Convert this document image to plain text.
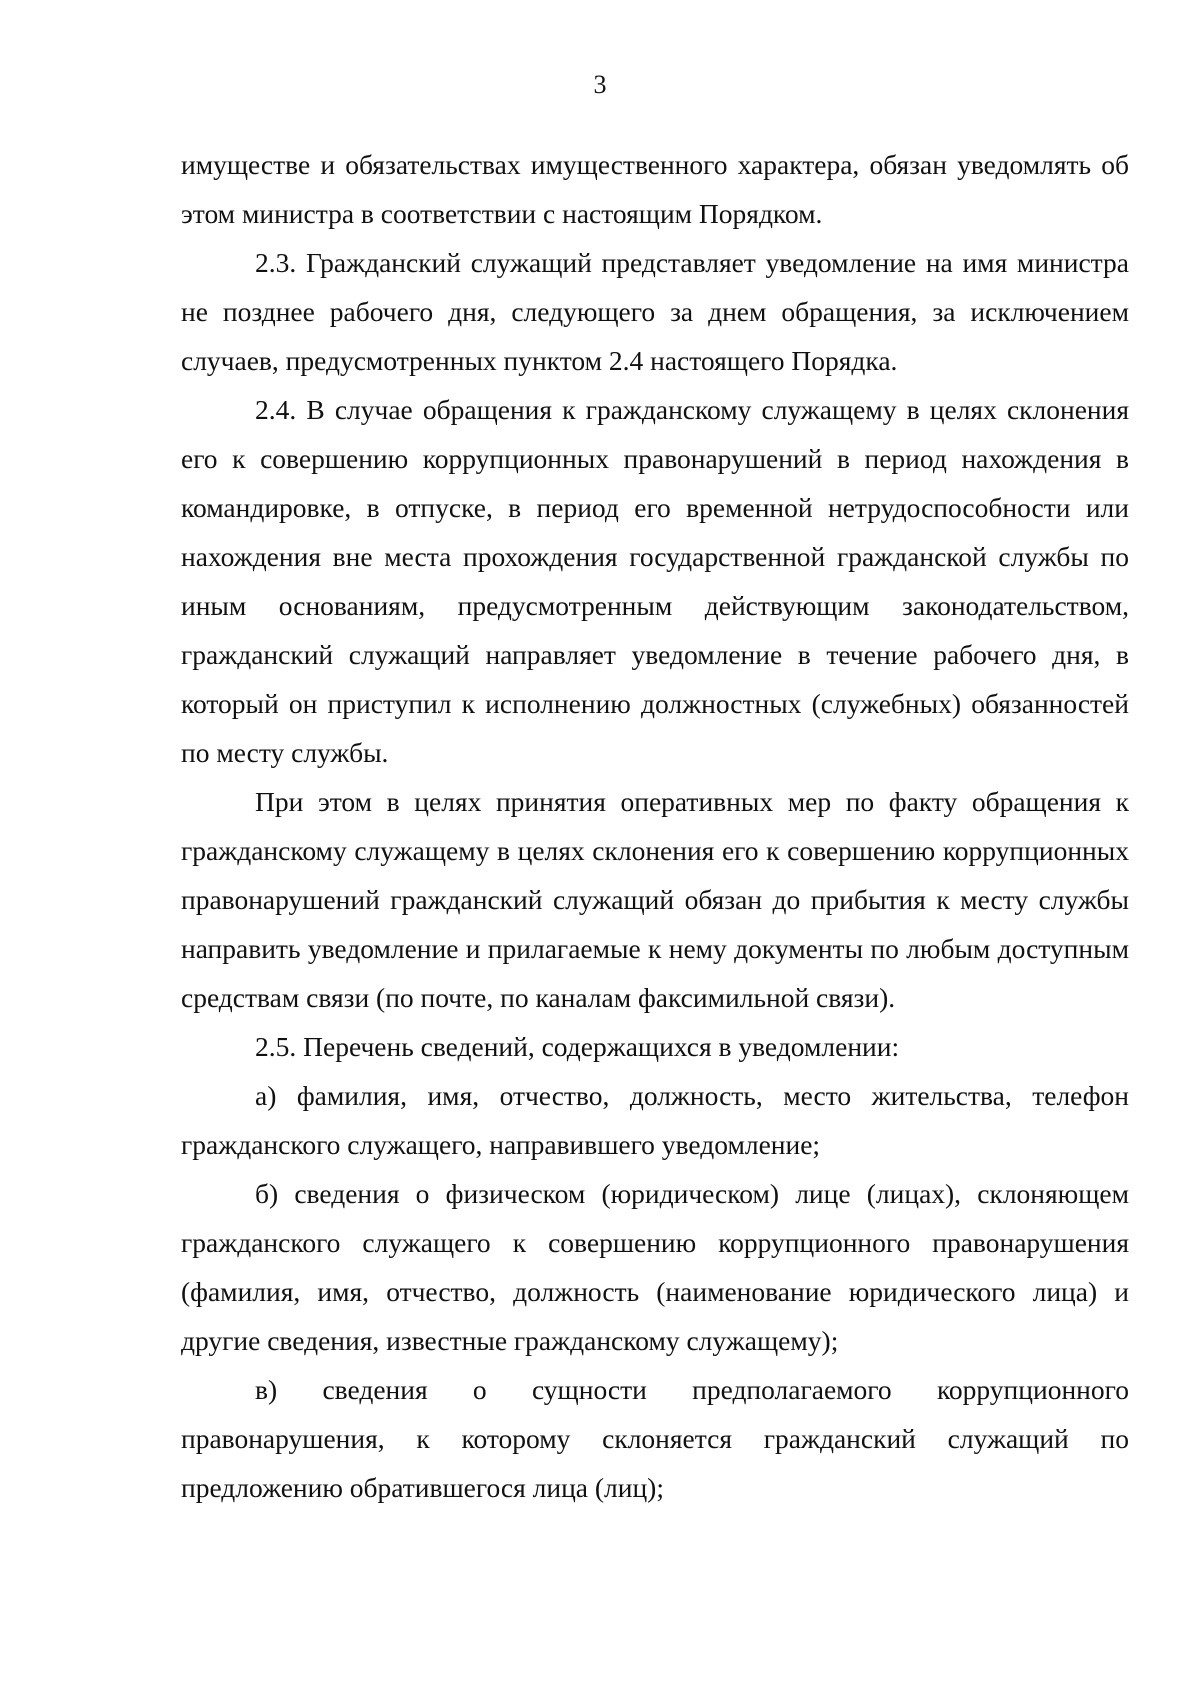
3

имуществе и обязательствах имущественного характера, обязан уведомлять об этом министра в соответствии с настоящим Порядком.

2.3. Гражданский служащий представляет уведомление на имя министра не позднее рабочего дня, следующего за днем обращения, за исключением случаев, предусмотренных пунктом 2.4 настоящего Порядка.

2.4. В случае обращения к гражданскому служащему в целях склонения его к совершению коррупционных правонарушений в период нахождения в командировке, в отпуске, в период его временной нетрудоспособности или нахождения вне места прохождения государственной гражданской службы по иным основаниям, предусмотренным действующим законодательством, гражданский служащий направляет уведомление в течение рабочего дня, в который он приступил к исполнению должностных (служебных) обязанностей по месту службы.

При этом в целях принятия оперативных мер по факту обращения к гражданскому служащему в целях склонения его к совершению коррупционных правонарушений гражданский служащий обязан до прибытия к месту службы направить уведомление и прилагаемые к нему документы по любым доступным средствам связи (по почте, по каналам факсимильной связи).

2.5. Перечень сведений, содержащихся в уведомлении:

а) фамилия, имя, отчество, должность, место жительства, телефон гражданского служащего, направившего уведомление;

б) сведения о физическом (юридическом) лице (лицах), склоняющем гражданского служащего к совершению коррупционного правонарушения (фамилия, имя, отчество, должность (наименование юридического лица) и другие сведения, известные гражданскому служащему);

в) сведения о сущности предполагаемого коррупционного правонарушения, к которому склоняется гражданский служащий по предложению обратившегося лица (лиц);
